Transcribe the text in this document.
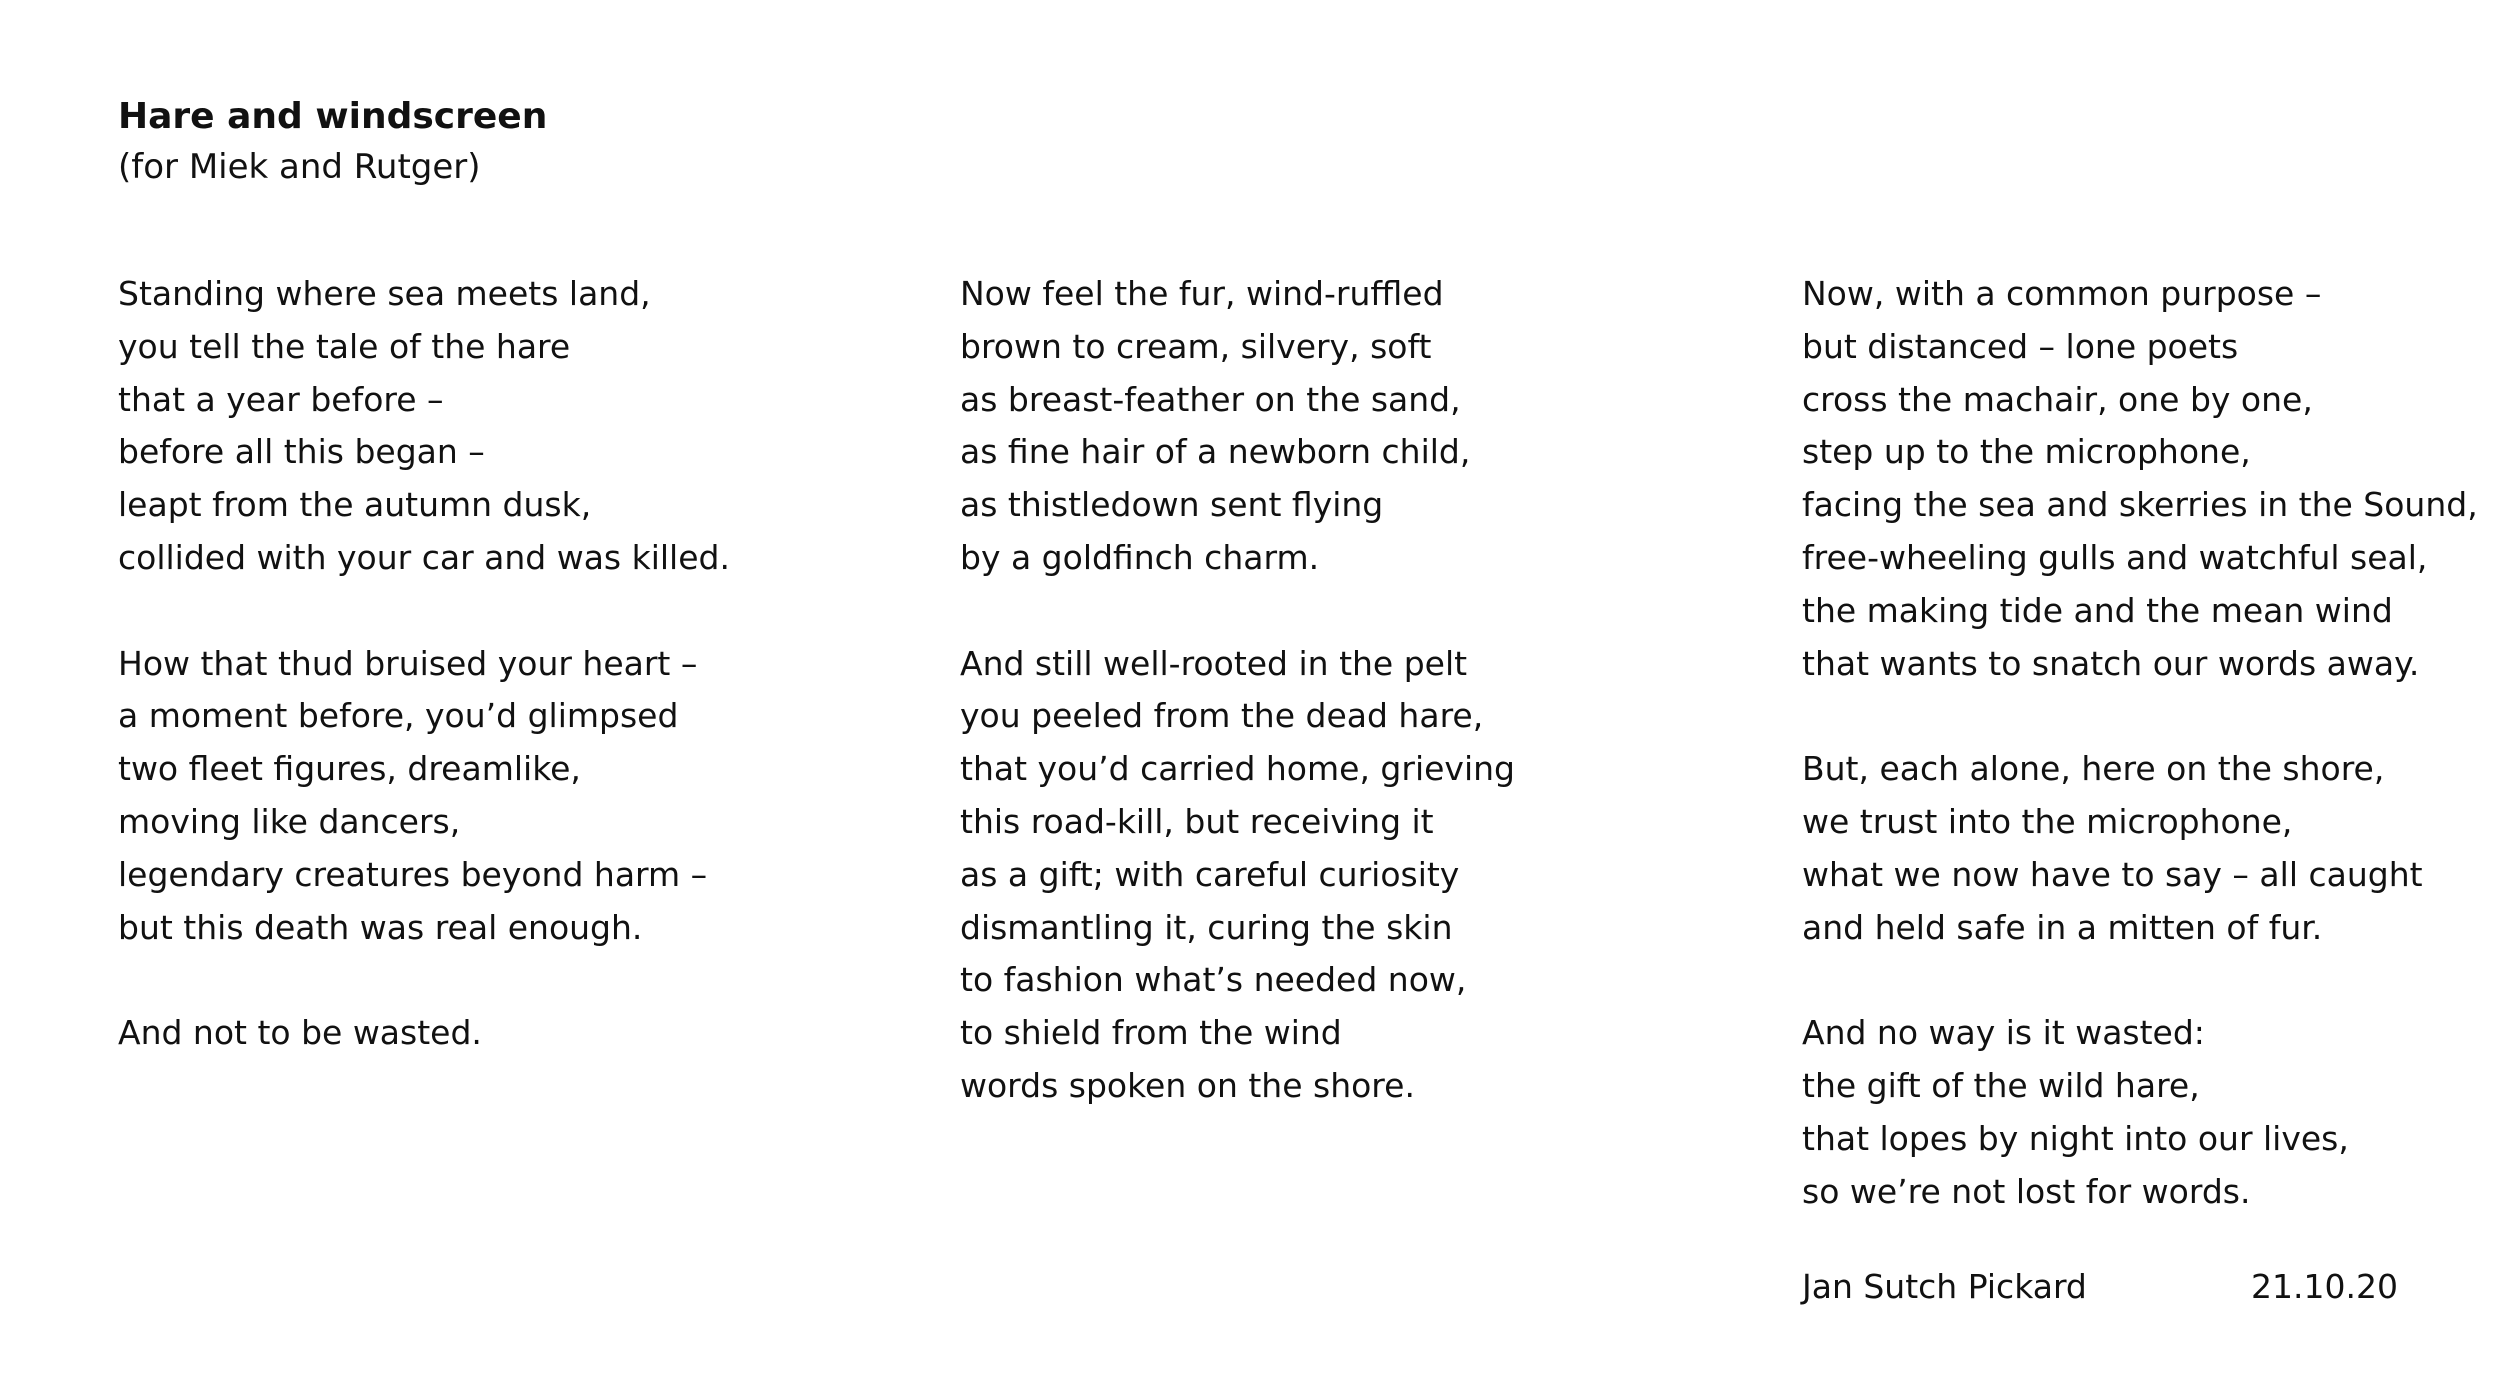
Hare and windscreen

(for Miek and Rutger)

Standing where sea meets land,
you tell the tale of the hare
that a year before –
before all this began –
leapt from the autumn dusk,
collided with your car and was killed.
How that thud bruised your heart –
a moment before, you’d glimpsed
two fleet figures, dreamlike,
moving like dancers,
legendary creatures beyond harm –
but this death was real enough.
And not to be wasted.
Now feel the fur, wind-ruffled
brown to cream, silvery, soft
as breast-feather on the sand,
as fine hair of a newborn child,
as thistledown sent flying
by a goldfinch charm.
And still well-rooted in the pelt
you peeled from the dead hare,
that you’d carried home, grieving
this road-kill, but receiving it
as a gift; with careful curiosity
dismantling it, curing the skin
to fashion what’s needed now,
to shield from the wind
words spoken on the shore.
Now, with a common purpose –
but distanced – lone poets
cross the machair, one by one,
step up to the microphone,
facing the sea and skerries in the Sound,
free-wheeling gulls and watchful seal,
the making tide and the mean wind
that wants to snatch our words away.
But, each alone, here on the shore,
we trust into the microphone,
what we now have to say – all caught
and held safe in a mitten of fur.
And no way is it wasted:
the gift of the wild hare,
that lopes by night into our lives,
so we’re not lost for words.
Jan Sutch Pickard	21.10.20
